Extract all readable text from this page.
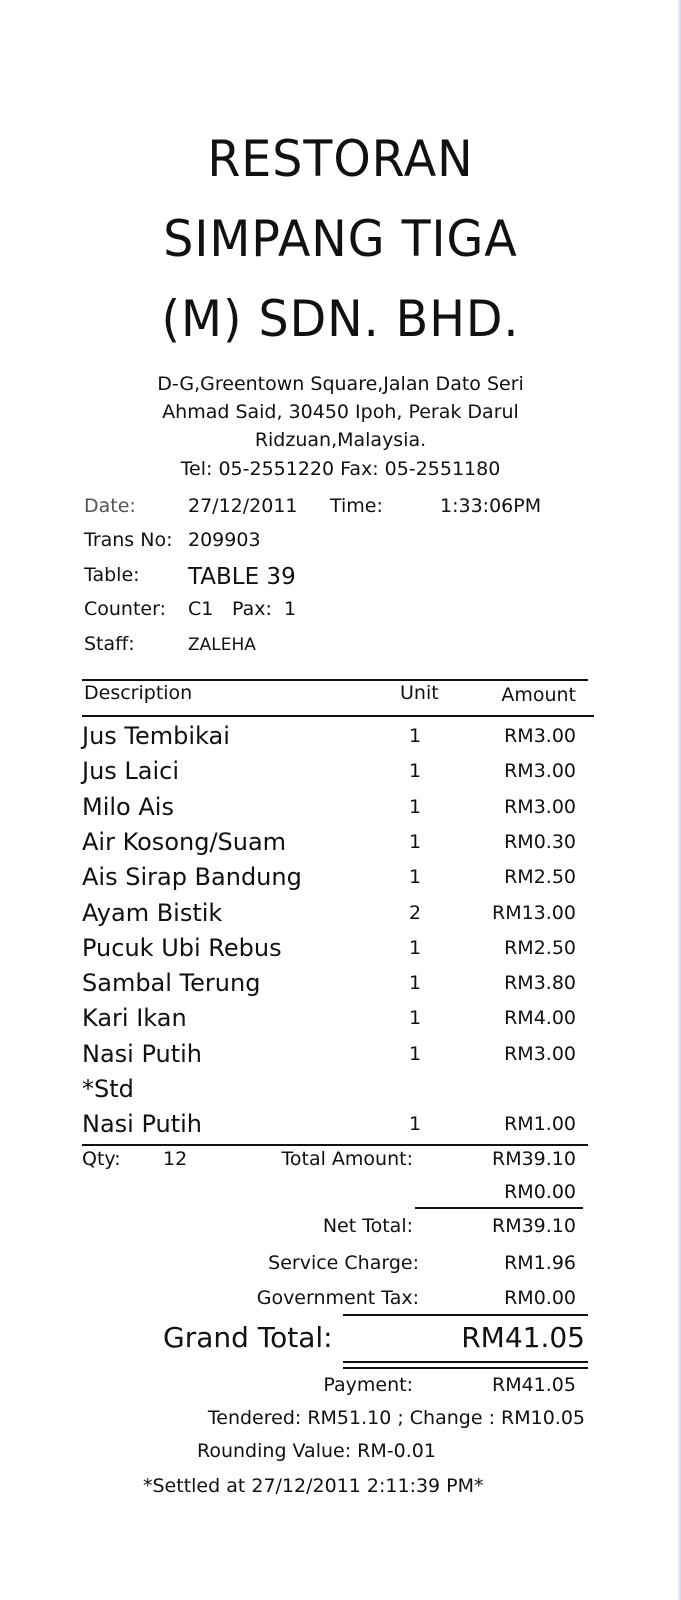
RESTORAN
SIMPANG TIGA
(M) SDN. BHD.
D-G,Greentown Square,Jalan Dato Seri
Ahmad Said, 30450 Ipoh, Perak Darul
Ridzuan,Malaysia.
Tel: 05-2551220 Fax: 05-2551180
Date:	27/12/2011 Time:	1:33:06PM
Trans No: 209903
Table: TABLE 39
Counter: C1 Pax: 1
Staff:	ZALEHA
Description	Unit	Amount
Jus Tembikai	1	RM3.00
Jus Laici	1	RM3.00
Milo Ais	1	RM3.00
Air Kosong/Suam	1	RM0.30
Ais Sirap Bandung	1	RM2.50
Ayam Bistik	2	RM13.00
Pucuk Ubi Rebus	1	RM2.50
Sambal Terung	1	RM3.80
Kari Ikan	1	RM4.00
Nasi Putih	1	RM3.00
*Std
Nasi Putih	1	RM1.00
Qty: 12	Total Amount:	RM39.10
RM0.00
Net Total:	RM39.10
Service Charge:	RM1.96
Government Tax:	RM0.00
Grand Total:	RM41.05
Payment:	RM41.05
Tendered: RM51.10 ; Change : RM10.05
Rounding Value: RM-0.01
*Settled at 27/12/2011 2:11:39 PM*
